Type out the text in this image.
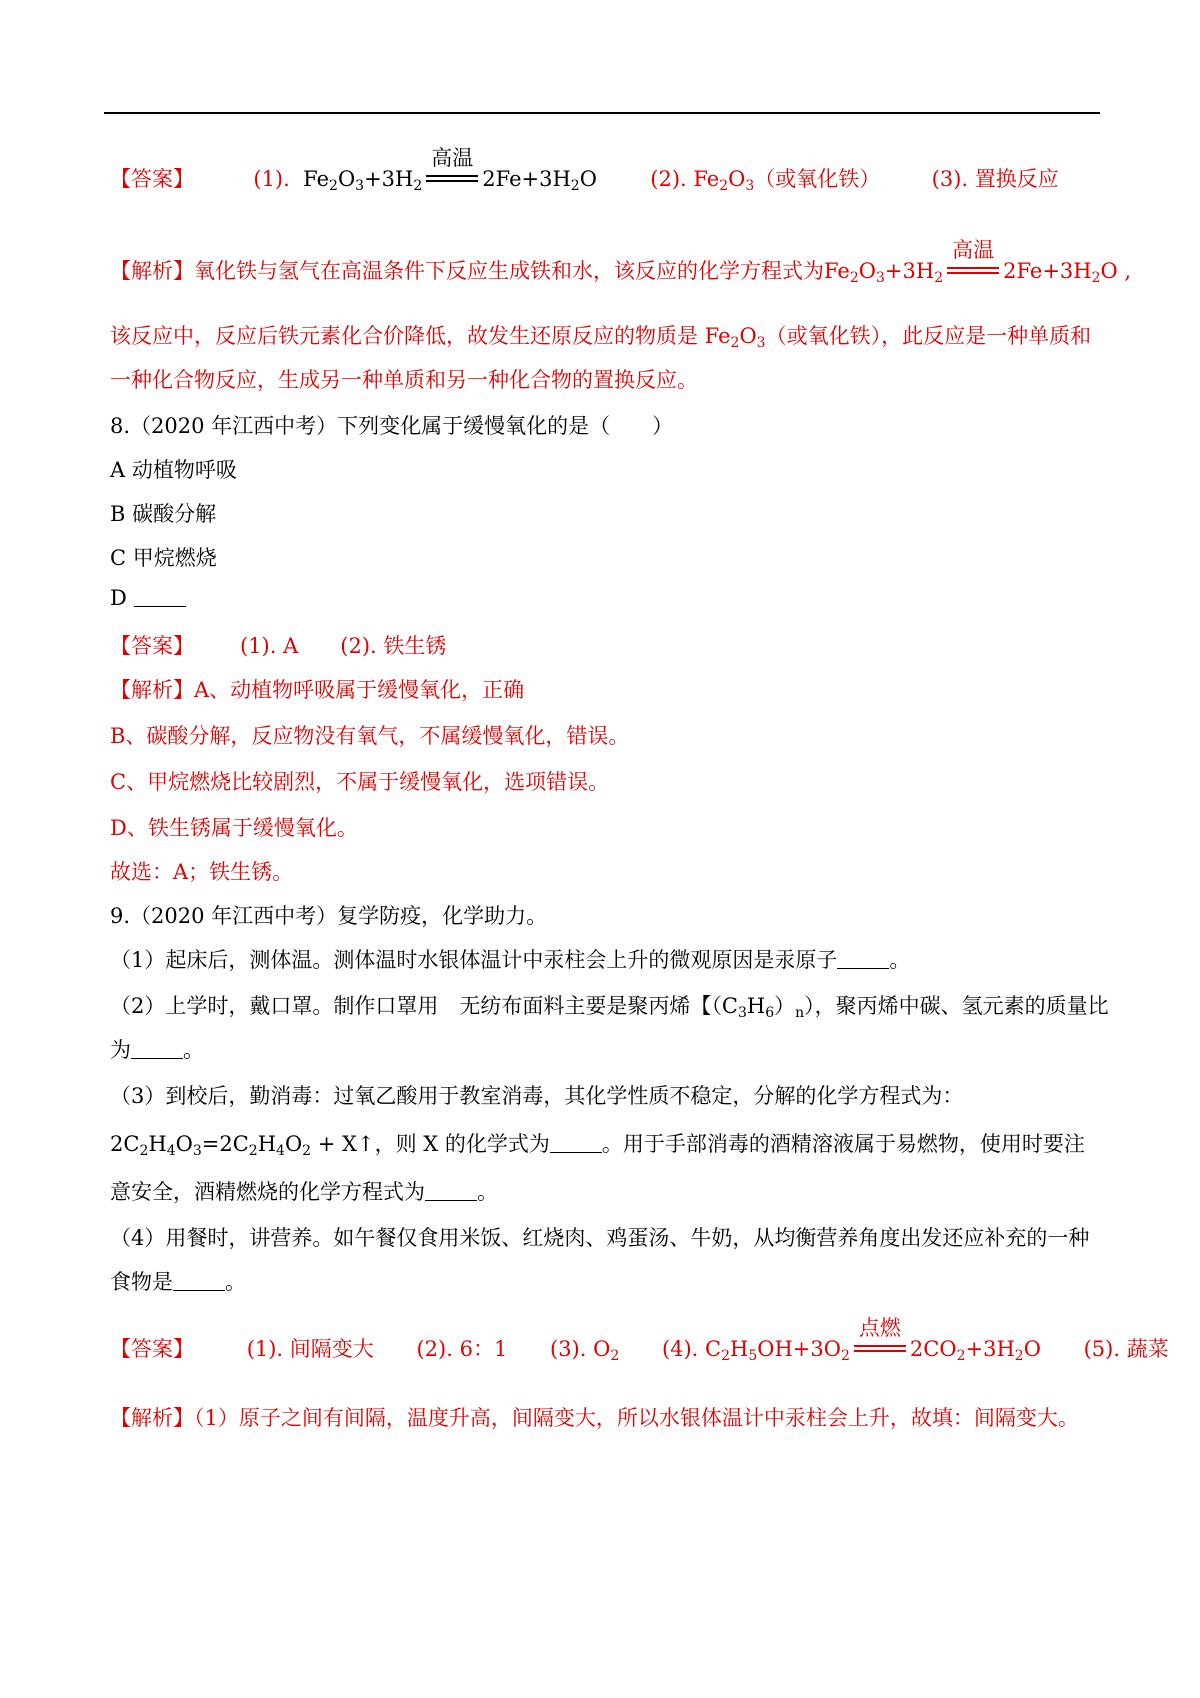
【答案】	(1).  $Fe_2O_3+3H_2$
高温
$2Fe+3H_2O$	(2). $Fe_2O_3$（或氧化铁） (3). 置换反应
【解析】氧化铁与氢气在高温条件下反应生成铁和水，该反应的化学方程式为$Fe_2O_3+3H_2$
高温
$2Fe+3H_2O$ ,
该反应中，反应后铁元素化合价降低，故发生还原反应的物质是 $Fe_2O_3$（或氧化铁），此反应是一种单质和
一种化合物反应，生成另一种单质和另一种化合物的置换反应。
8.（2020 年江西中考）下列变化属于缓慢氧化的是（　　）
A 动植物呼吸
B 碳酸分解
C 甲烷燃烧
D
【答案】 (1). A　　(2). 铁生锈
【解析】A、动植物呼吸属于缓慢氧化，正确
B、碳酸分解，反应物没有氧气，不属缓慢氧化，错误。
C、甲烷燃烧比较剧烈，不属于缓慢氧化，选项错误。
D、铁生锈属于缓慢氧化。
故选：A；铁生锈。
9.（2020 年江西中考）复学防疫，化学助力。
（1）起床后，测体温。测体温时水银体温计中汞柱会上升的微观原因是汞原子 。
（2）上学时，戴口罩。制作口罩用　无纺布面料主要是聚丙烯【$(C_3H_6)_n$），聚丙烯中碳、氢元素的质量比
为 。
（3）到校后，勤消毒：过氧乙酸用于教室消毒，其化学性质不稳定，分解的化学方程式为：
$2C_2H_4O_3=2C_2H_4O_2$ + X↑，则 X 的化学式为 。用于手部消毒的酒精溶液属于易燃物，使用时要注
意安全，酒精燃烧的化学方程式为 。
（4）用餐时，讲营养。如午餐仅食用米饭、红烧肉、鸡蛋汤、牛奶，从均衡营养角度出发还应补充的一种
食物是 。
【答案】	(1). 间隔变大 (2). 6：1 (3). $O_2$ (4). $C_2H_5OH+3O_2$
点燃
$2CO_2+3H_2O$ (5). 蔬菜
【解析】（1）原子之间有间隔，温度升高，间隔变大，所以水银体温计中汞柱会上升，故填：间隔变大。
